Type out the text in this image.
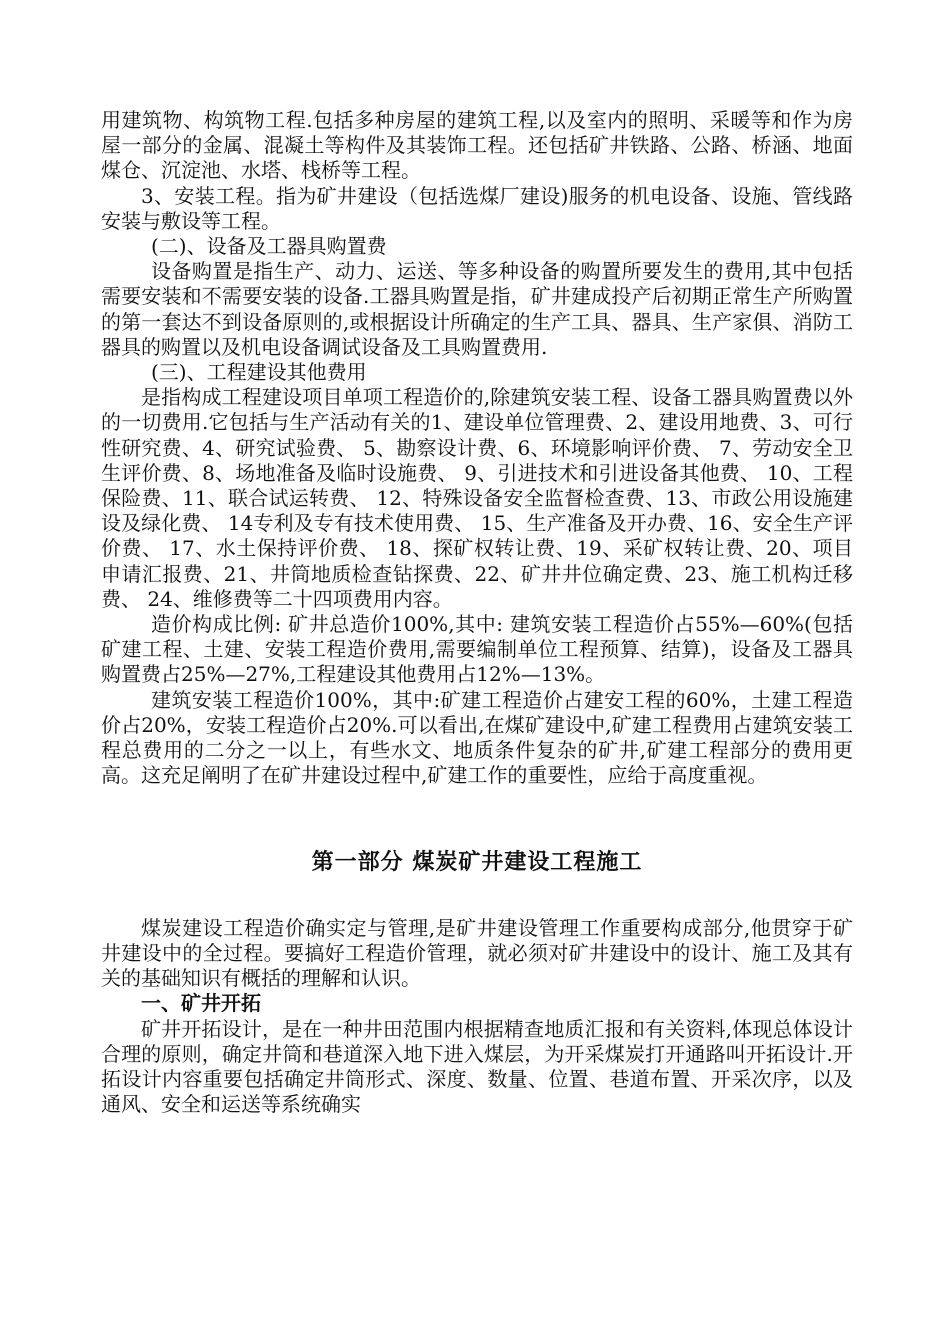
用建筑物、构筑物工程.包括多种房屋的建筑工程,以及室内的照明、采暖等和作为房屋一部分的金属、混凝土等构件及其装饰工程。还包括矿井铁路、公路、桥涵、地面煤仓、沉淀池、水塔、栈桥等工程。

3、安装工程。指为矿井建设（包括选煤厂建设)服务的机电设备、设施、管线路安装与敷设等工程。

(二)、设备及工器具购置费

设备购置是指生产、动力、运送、等多种设备的购置所要发生的费用,其中包括需要安装和不需要安装的设备.工器具购置是指，矿井建成投产后初期正常生产所购置的第一套达不到设备原则的,或根据设计所确定的生产工具、器具、生产家俱、消防工器具的购置以及机电设备调试设备及工具购置费用.

(三)、工程建设其他费用

是指构成工程建设项目单项工程造价的,除建筑安装工程、设备工器具购置费以外的一切费用.它包括与生产活动有关的1、建设单位管理费、2、建设用地费、3、可行性研究费、4、研究试验费、 5、勘察设计费、6、环境影响评价费、 7、劳动安全卫生评价费、8、场地准备及临时设施费、 9、引进技术和引进设备其他费、 10、工程保险费、11、联合试运转费、 12、特殊设备安全监督检查费、13、市政公用设施建设及绿化费、 14专利及专有技术使用费、 15、生产准备及开办费、16、安全生产评价费、 17、水土保持评价费、 18、探矿权转让费、19、采矿权转让费、20、项目申请汇报费、21、井筒地质检查钻探费、22、矿井井位确定费、23、施工机构迁移费、 24、维修费等二十四项费用内容。

造价构成比例: 矿井总造价100%,其中: 建筑安装工程造价占55%—60%(包括矿建工程、土建、安装工程造价费用,需要编制单位工程预算、结算)，设备及工器具购置费占25%—27%,工程建设其他费用占12%—13%。

建筑安装工程造价100%，其中:矿建工程造价占建安工程的60%，土建工程造价占20%，安装工程造价占20%.可以看出,在煤矿建设中,矿建工程费用占建筑安装工程总费用的二分之一以上，有些水文、地质条件复杂的矿井,矿建工程部分的费用更高。这充足阐明了在矿井建设过程中,矿建工作的重要性，应给于高度重视。

第一部分 煤炭矿井建设工程施工

煤炭建设工程造价确实定与管理,是矿井建设管理工作重要构成部分,他贯穿于矿井建设中的全过程。要搞好工程造价管理，就必须对矿井建设中的设计、施工及其有关的基础知识有概括的理解和认识。

一、矿井开拓

矿井开拓设计，是在一种井田范围内根据精查地质汇报和有关资料,体现总体设计合理的原则，确定井筒和巷道深入地下进入煤层，为开采煤炭打开通路叫开拓设计.开拓设计内容重要包括确定井筒形式、深度、数量、位置、巷道布置、开采次序，以及通风、安全和运送等系统确实
